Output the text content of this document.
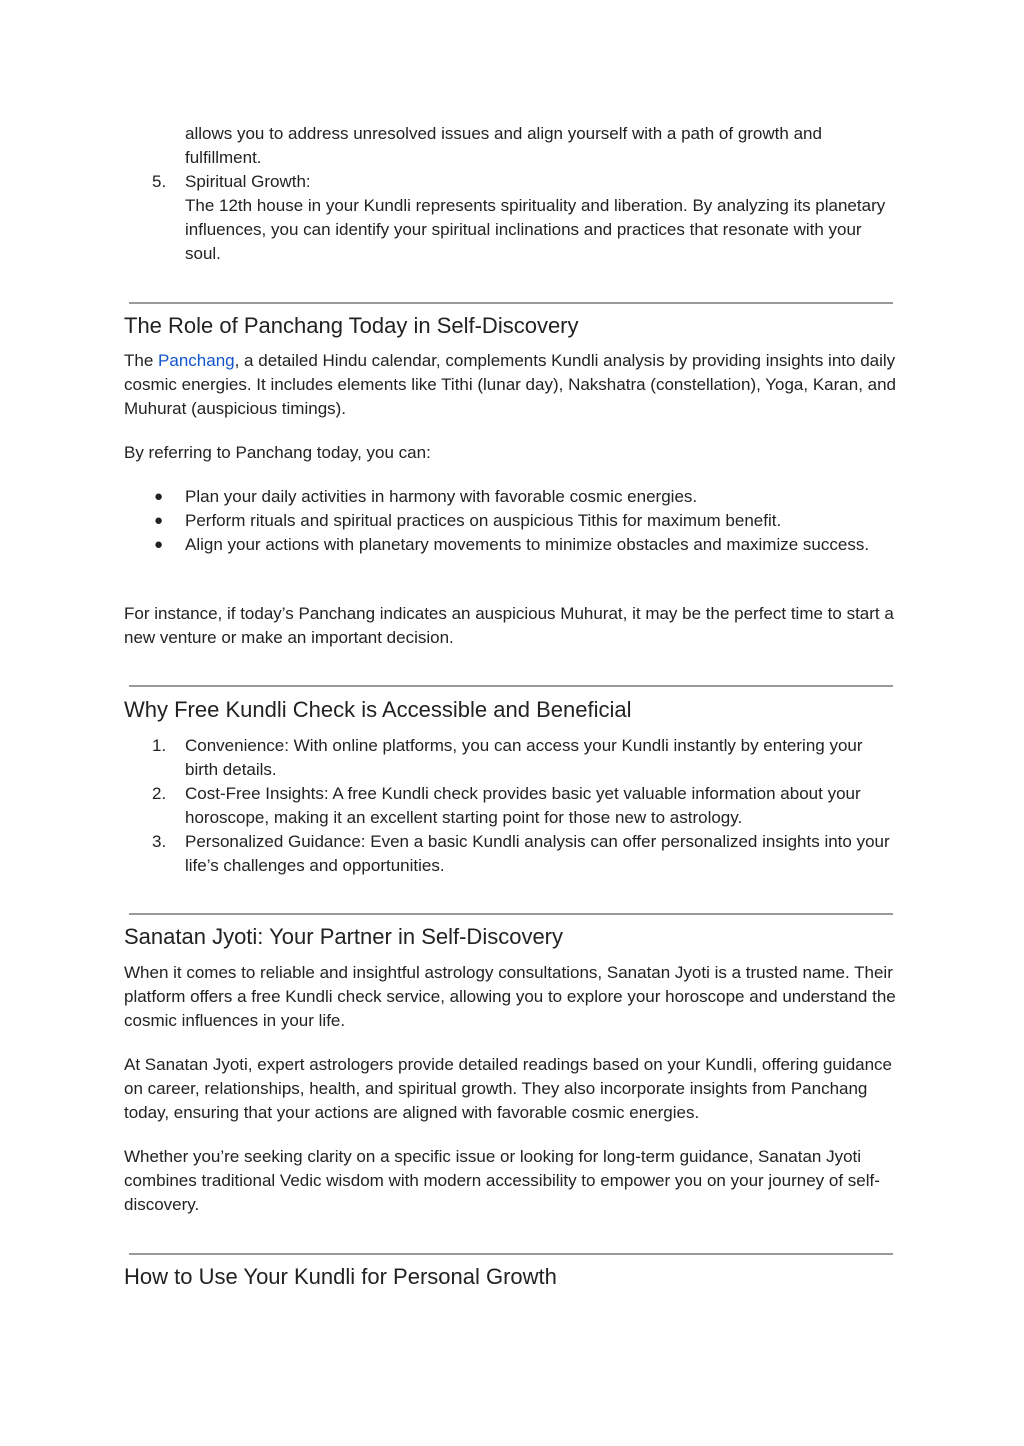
allows you to address unresolved issues and align yourself with a path of growth and fulfillment.
5.	Spiritual Growth:
The 12th house in your Kundli represents spirituality and liberation. By analyzing its planetary influences, you can identify your spiritual inclinations and practices that resonate with your soul.
The Role of Panchang Today in Self-Discovery

The Panchang, a detailed Hindu calendar, complements Kundli analysis by providing insights into daily cosmic energies. It includes elements like Tithi (lunar day), Nakshatra (constellation), Yoga, Karan, and Muhurat (auspicious timings).

By referring to Panchang today, you can:

●	Plan your daily activities in harmony with favorable cosmic energies.
●	Perform rituals and spiritual practices on auspicious Tithis for maximum benefit.
●	Align your actions with planetary movements to minimize obstacles and maximize success.

For instance, if today’s Panchang indicates an auspicious Muhurat, it may be the perfect time to start a new venture or make an important decision.

Why Free Kundli Check is Accessible and Beneficial
1.	Convenience: With online platforms, you can access your Kundli instantly by entering your birth details.
2.	Cost-Free Insights: A free Kundli check provides basic yet valuable information about your horoscope, making it an excellent starting point for those new to astrology.
3.	Personalized Guidance: Even a basic Kundli analysis can offer personalized insights into your life’s challenges and opportunities.
Sanatan Jyoti: Your Partner in Self-Discovery

When it comes to reliable and insightful astrology consultations, Sanatan Jyoti is a trusted name. Their platform offers a free Kundli check service, allowing you to explore your horoscope and understand the cosmic influences in your life.

At Sanatan Jyoti, expert astrologers provide detailed readings based on your Kundli, offering guidance on career, relationships, health, and spiritual growth. They also incorporate insights from Panchang today, ensuring that your actions are aligned with favorable cosmic energies.

Whether you’re seeking clarity on a specific issue or looking for long-term guidance, Sanatan Jyoti combines traditional Vedic wisdom with modern accessibility to empower you on your journey of self-discovery.

How to Use Your Kundli for Personal Growth
